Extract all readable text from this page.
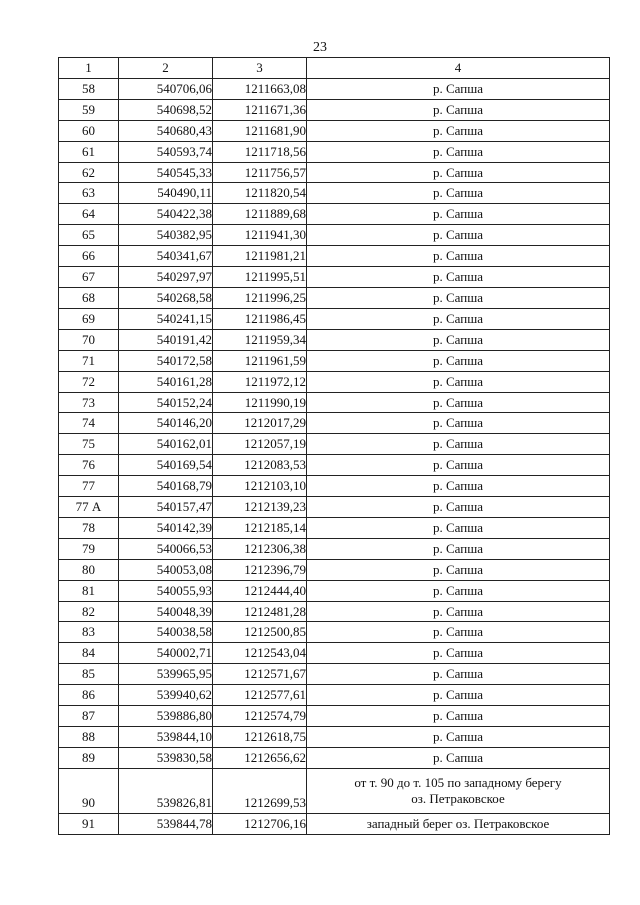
23
1	2	3	4
58	540706,06	1211663,08	р. Сапша
59	540698,52	1211671,36	р. Сапша
60	540680,43	1211681,90	р. Сапша
61	540593,74	1211718,56	р. Сапша
62	540545,33	1211756,57	р. Сапша
63	540490,11	1211820,54	р. Сапша
64	540422,38	1211889,68	р. Сапша
65	540382,95	1211941,30	р. Сапша
66	540341,67	1211981,21	р. Сапша
67	540297,97	1211995,51	р. Сапша
68	540268,58	1211996,25	р. Сапша
69	540241,15	1211986,45	р. Сапша
70	540191,42	1211959,34	р. Сапша
71	540172,58	1211961,59	р. Сапша
72	540161,28	1211972,12	р. Сапша
73	540152,24	1211990,19	р. Сапша
74	540146,20	1212017,29	р. Сапша
75	540162,01	1212057,19	р. Сапша
76	540169,54	1212083,53	р. Сапша
77	540168,79	1212103,10	р. Сапша
77 А	540157,47	1212139,23	р. Сапша
78	540142,39	1212185,14	р. Сапша
79	540066,53	1212306,38	р. Сапша
80	540053,08	1212396,79	р. Сапша
81	540055,93	1212444,40	р. Сапша
82	540048,39	1212481,28	р. Сапша
83	540038,58	1212500,85	р. Сапша
84	540002,71	1212543,04	р. Сапша
85	539965,95	1212571,67	р. Сапша
86	539940,62	1212577,61	р. Сапша
87	539886,80	1212574,79	р. Сапша
88	539844,10	1212618,75	р. Сапша
89	539830,58	1212656,62	р. Сапша
90	539826,81	1212699,53	от т. 90 до т. 105 по западному берегу
оз. Петраковское
91	539844,78	1212706,16	западный берег оз. Петраковское
